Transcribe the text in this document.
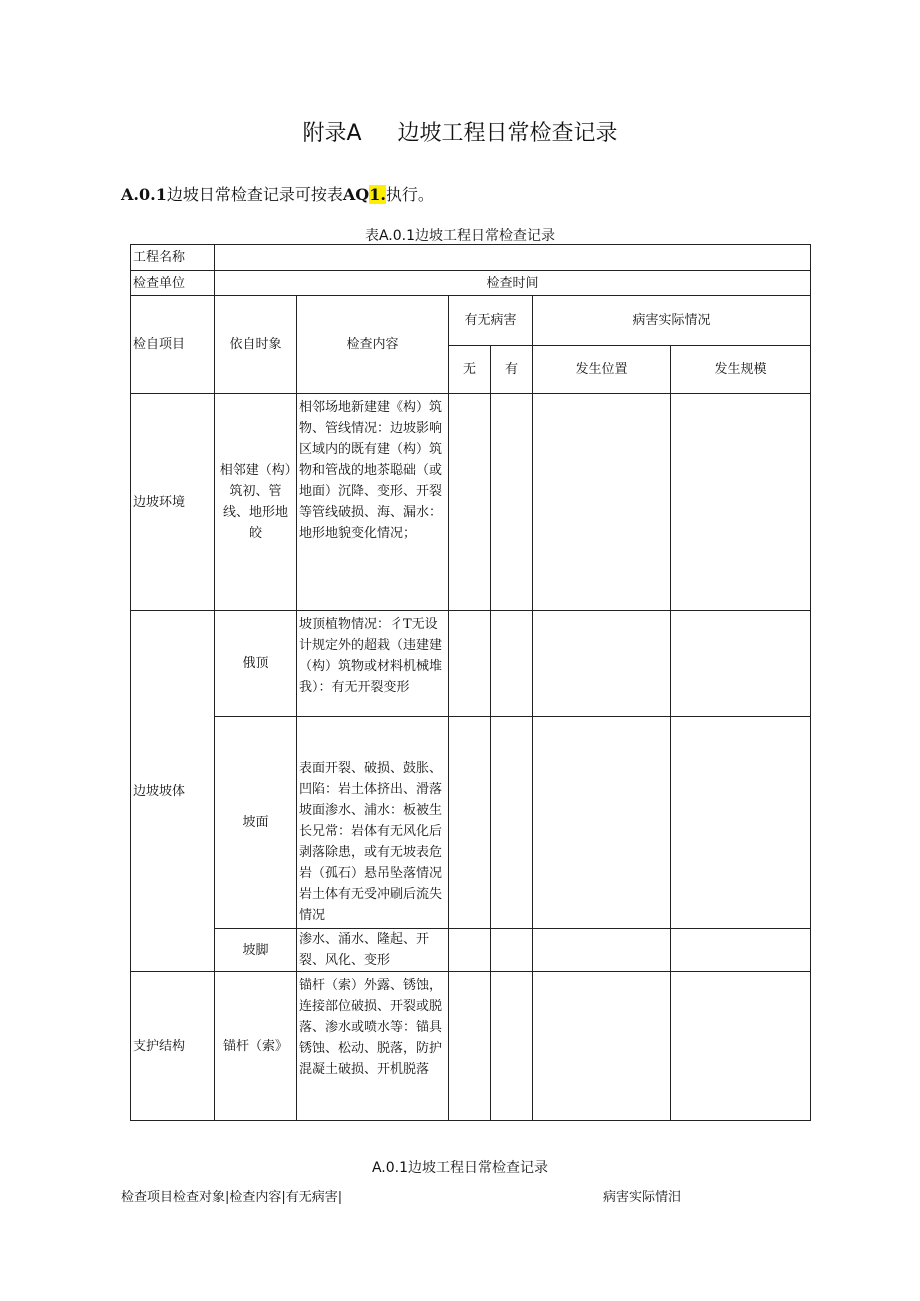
附录A 边坡工程日常检查记录
A.0.1边坡日常检查记录可按表AQ1.执行。
表A.0.1边坡工程日常检查记录
工程名称						
检查单位	检查时间					
检自项目	依自时象	检查内容	有无病害		病害实际情况	
			无	有	发生位置	发生规模
边坡环境	相邻建（构）筑初、管线、地形地皎	相邻场地新建建《构）筑物、管线情况：边坡影响区域内的既有建（构）筑物和管战的地茶聪础（或地面）沉降、变形、开裂等管线破损、海、漏水：地形地貌变化情况；				
边坡坡体	俄顶	坡顶植物情况：彳T无设计规定外的超栽（违建建（构）筑物或材料机械堆我）：有无开裂变形				
	坡面	表面开裂、破损、鼓胀、凹陷：岩土体挤出、滑落坡面渗水、浦水：板被生长兄常：岩体有无风化后剥落除患，或有无坡表危岩（孤石）悬吊坠落情况岩土体有无受冲刷后流失情况				
	坡脚	渗水、涌水、隆起、开裂、风化、变形				
支护结构	锚杆（索》	锚杆（索）外露、锈蚀，连接部位破损、开裂或脱落、渗水或喷水等：锚具锈蚀、松动、脱落，防护混凝土破损、开机脱落				
A.0.1边坡工程日常检查记录
检查项目检查对象|检查内容|有无病害|	病害实际情汨
